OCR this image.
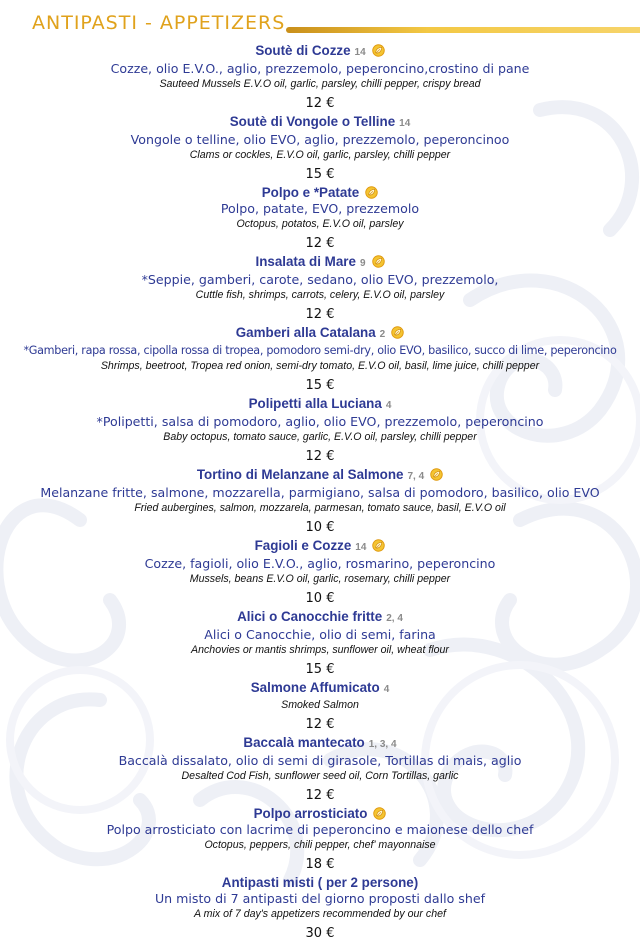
ANTIPASTI - APPETIZERS
Soutè di Cozze 14
Cozze, olio E.V.O., aglio, prezzemolo, peperoncino,crostino di pane
Sauteed Mussels E.V.O oil, garlic, parsley, chilli pepper, crispy bread
12 €
Soutè di Vongole o Telline 14
Vongole o telline, olio EVO, aglio, prezzemolo, peperoncinoo
Clams or cockles, E.V.O oil, garlic, parsley, chilli pepper
15 €
Polpo e *Patate
Polpo, patate, EVO, prezzemolo
Octopus, potatos, E.V.O oil, parsley
12 €
Insalata di Mare 9
*Seppie, gamberi, carote, sedano, olio EVO, prezzemolo,
Cuttle fish, shrimps, carrots, celery, E.V.O oil, parsley
12 €
Gamberi alla Catalana 2
*Gamberi, rapa rossa, cipolla rossa di tropea, pomodoro semi-dry, olio EVO, basilico, succo di lime, peperoncino
Shrimps, beetroot, Tropea red onion, semi-dry tomato, E.V.O oil, basil, lime juice, chilli pepper
15 €
Polipetti alla Luciana 4
*Polipetti, salsa di pomodoro, aglio, olio EVO, prezzemolo, peperoncino
Baby octopus, tomato sauce, garlic, E.V.O oil, parsley, chilli pepper
12 €
Tortino di Melanzane al Salmone 7, 4
Melanzane fritte, salmone, mozzarella, parmigiano, salsa di pomodoro, basilico, olio EVO
Fried aubergines, salmon, mozzarela, parmesan, tomato sauce, basil, E.V.O oil
10 €
Fagioli e Cozze 14
Cozze, fagioli, olio E.V.O., aglio, rosmarino, peperoncino
Mussels, beans E.V.O oil, garlic, rosemary, chilli pepper
10 €
Alici o Canocchie fritte 2, 4
Alici o Canocchie, olio di semi, farina
Anchovies or mantis shrimps, sunflower oil, wheat flour
15 €
Salmone Affumicato 4
Smoked Salmon
12 €
Baccalà mantecato 1, 3, 4
Baccalà dissalato, olio di semi di girasole, Tortillas di mais, aglio
Desalted Cod Fish, sunflower seed oil, Corn Tortillas, garlic
12 €
Polpo arrosticiato
Polpo arrosticiato con lacrime di peperoncino e maionese dello chef
Octopus, peppers, chili pepper, chef' mayonnaise
18 €
Antipasti misti ( per 2 persone)
Un misto di 7 antipasti del giorno proposti dallo shef
A mix of 7 day's appetizers recommended by our chef
30 €
